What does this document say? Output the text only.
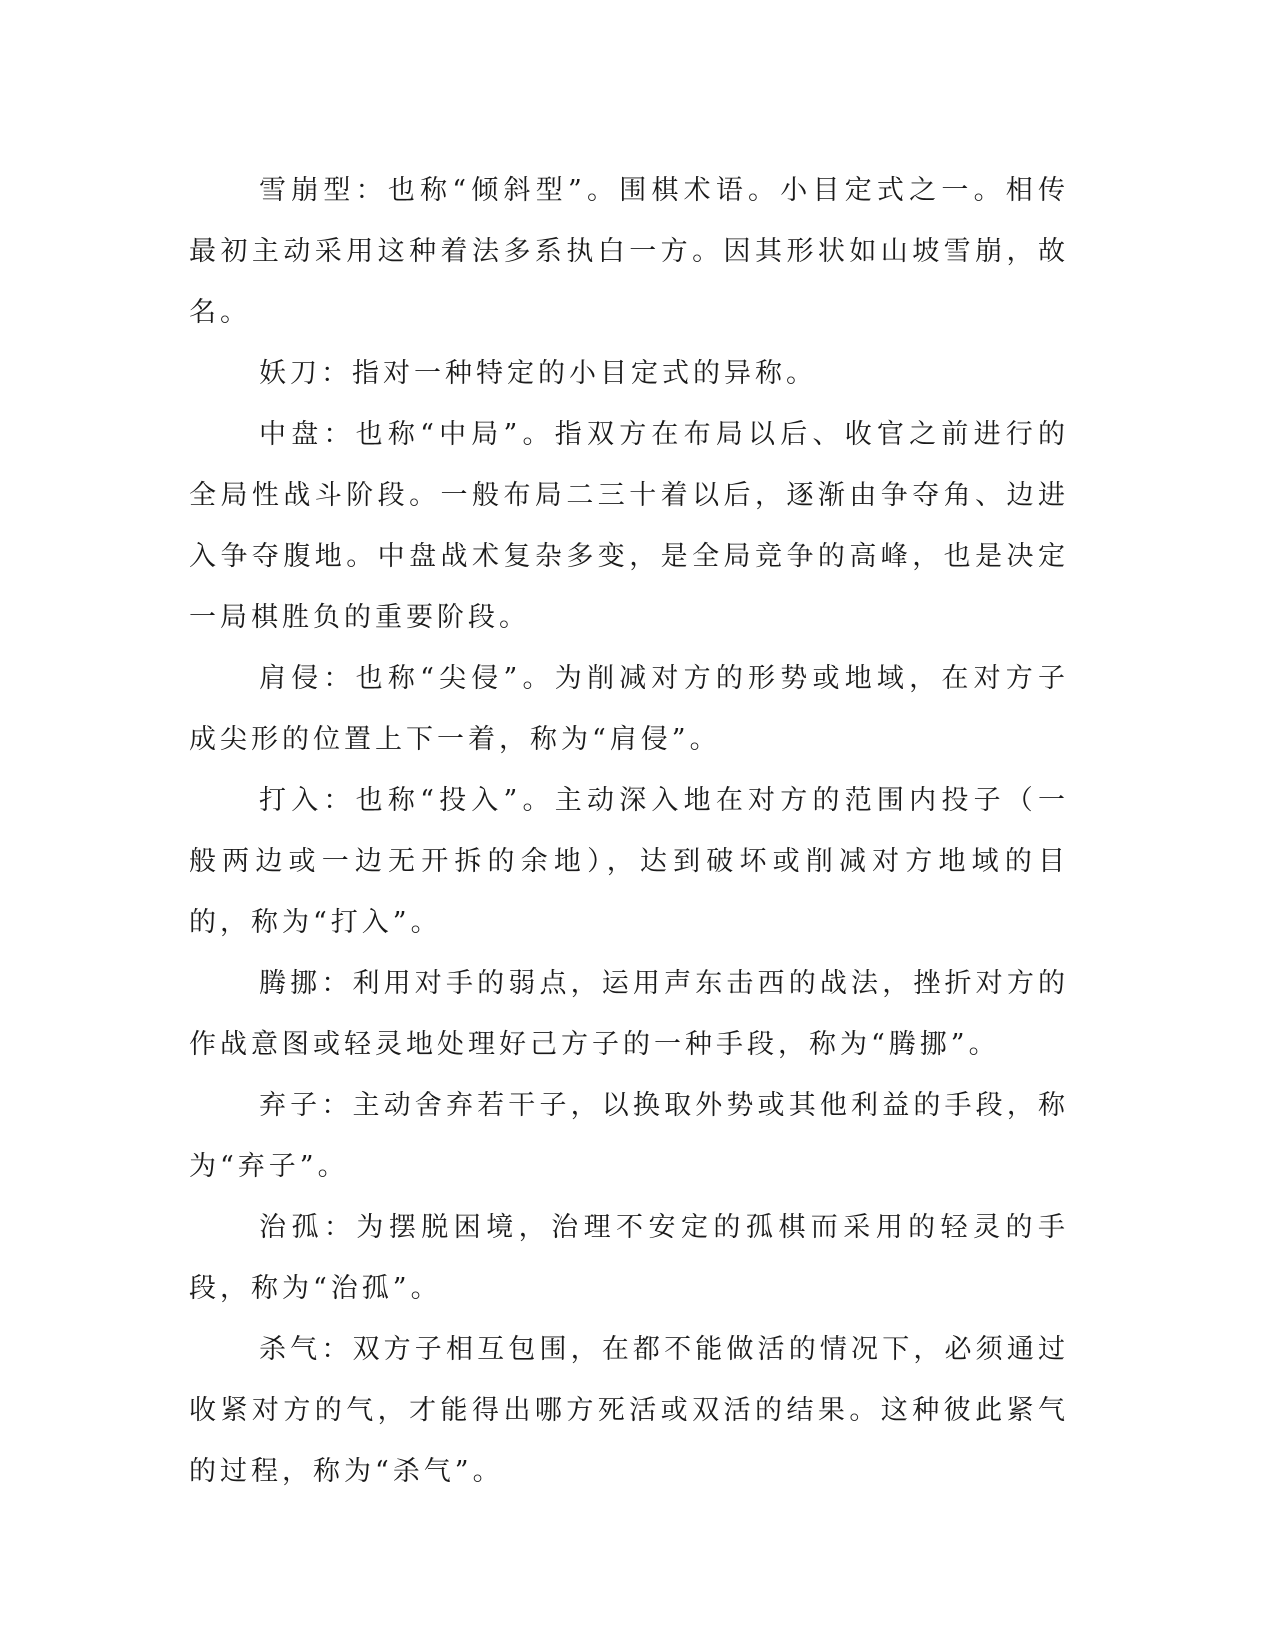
雪崩型：也称“倾斜型”。围棋术语。小目定式之一。相传最初主动采用这种着法多系执白一方。因其形状如山坡雪崩，故名。

妖刀：指对一种特定的小目定式的异称。

中盘：也称“中局”。指双方在布局以后、收官之前进行的全局性战斗阶段。一般布局二三十着以后，逐渐由争夺角、边进入争夺腹地。中盘战术复杂多变，是全局竞争的高峰，也是决定一局棋胜负的重要阶段。

肩侵：也称“尖侵”。为削减对方的形势或地域，在对方子成尖形的位置上下一着，称为“肩侵”。

打入：也称“投入”。主动深入地在对方的范围内投子（一般两边或一边无开拆的余地），达到破坏或削减对方地域的目的，称为“打入”。

腾挪：利用对手的弱点，运用声东击西的战法，挫折对方的作战意图或轻灵地处理好己方子的一种手段，称为“腾挪”。

弃子：主动舍弃若干子，以换取外势或其他利益的手段，称为“弃子”。

治孤：为摆脱困境，治理不安定的孤棋而采用的轻灵的手段，称为“治孤”。

杀气：双方子相互包围，在都不能做活的情况下，必须通过收紧对方的气，才能得出哪方死活或双活的结果。这种彼此紧气的过程，称为“杀气”。
